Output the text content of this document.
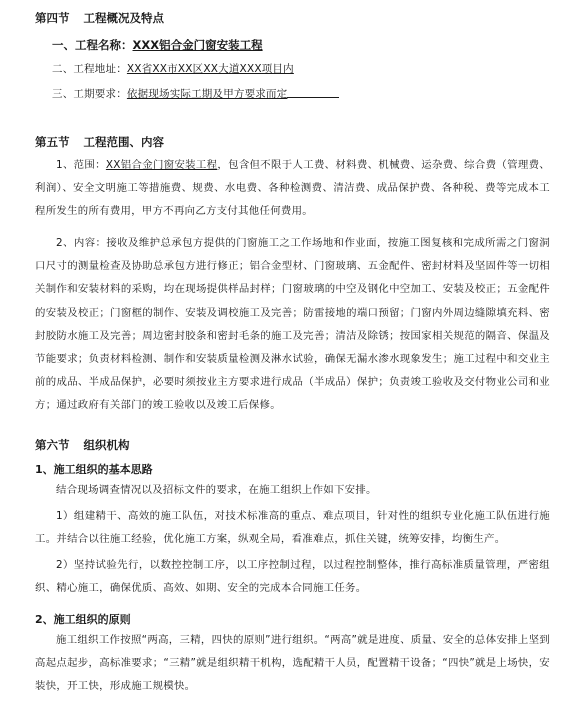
第四节 工程概况及特点
一、工程名称：XXX铝合金门窗安装工程
二、工程地址：XX省XX市XX区XX大道XXX项目内
三、工期要求：依据现场实际工期及甲方要求而定
第五节 工程范围、内容
1、范围：XX铝合金门窗安装工程，包含但不限于人工费、材料费、机械费、运杂费、综合费（管理费、利润）、安全文明施工等措施费、规费、水电费、各种检测费、清洁费、成品保护费、各种税、费等完成本工程所发生的所有费用，甲方不再向乙方支付其他任何费用。
2、内容：接收及维护总承包方提供的门窗施工之工作场地和作业面，按施工图复核和完成所需之门窗洞口尺寸的测量检查及协助总承包方进行修正；铝合金型材、门窗玻璃、五金配件、密封材料及坚固件等一切相关制作和安装材料的采购，均在现场提供样品封样；门窗玻璃的中空及钢化中空加工、安装及校正；五金配件的安装及校正；门窗框的制作、安装及调校施工及完善；防雷接地的端口预留；门窗内外周边缝隙填充料、密封胶防水施工及完善；周边密封胶条和密封毛条的施工及完善；清洁及除锈；按国家相关规范的隔音、保温及节能要求；负责材料检测、制作和安装质量检测及淋水试验，确保无漏水渗水现象发生；施工过程中和交业主前的成品、半成品保护，必要时须按业主方要求进行成品（半成品）保护；负责竣工验收及交付物业公司和业方；通过政府有关部门的竣工验收以及竣工后保修。
第六节 组织机构
1、施工组织的基本思路
结合现场调查情况以及招标文件的要求，在施工组织上作如下安排。
1）组建精干、高效的施工队伍，对技术标准高的重点、难点项目，针对性的组织专业化施工队伍进行施工。并结合以往施工经验，优化施工方案，纵观全局，看准难点，抓住关键，统筹安排，均衡生产。
2）坚持试验先行，以数控控制工序，以工序控制过程，以过程控制整体，推行高标准质量管理，严密组织、精心施工，确保优质、高效、如期、安全的完成本合同施工任务。
2、施工组织的原则
施工组织工作按照“两高，三精，四快的原则”进行组织。“两高”就是进度、质量、安全的总体安排上坚到高起点起步，高标准要求；“三精”就是组织精干机构，选配精干人员，配置精干设备；“四快”就是上场快，安装快，开工快，形成施工规模快。
